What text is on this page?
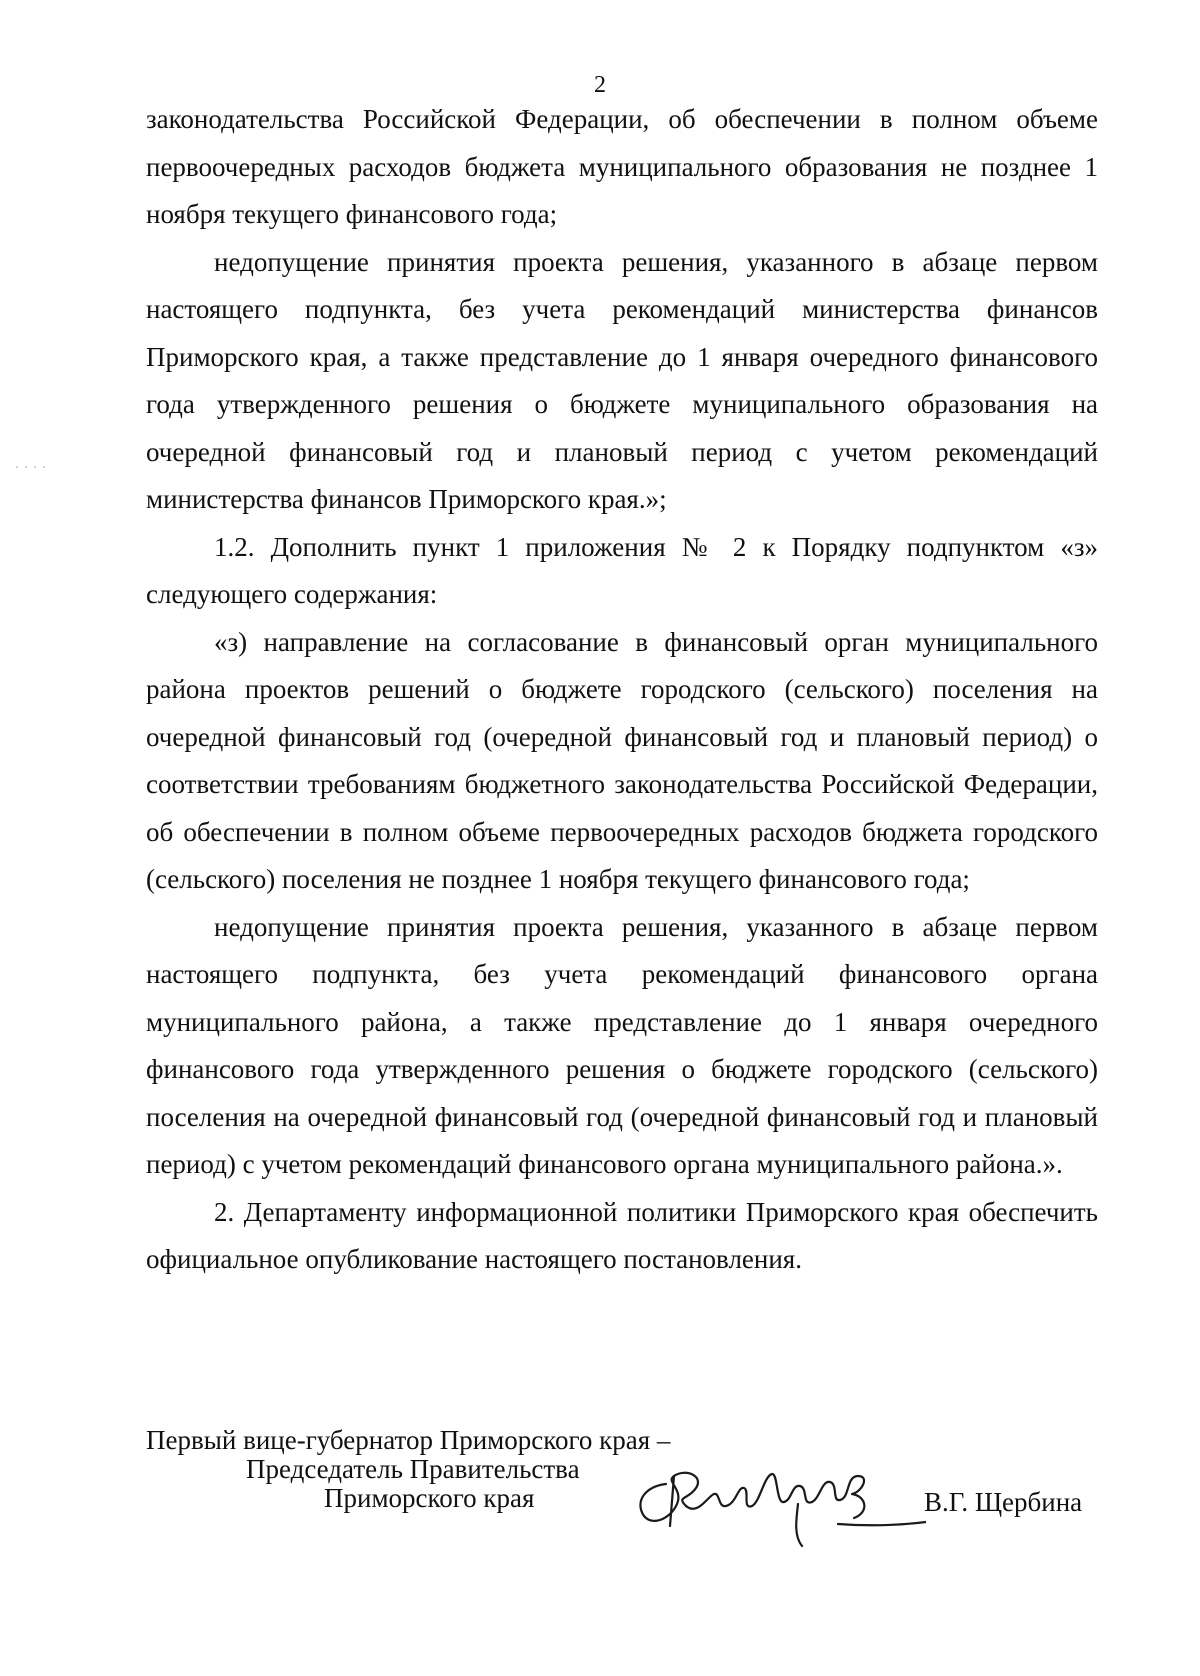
2

законодательства Российской Федерации, об обеспечении в полном объеме первоочередных расходов бюджета муниципального образования не позднее 1 ноября текущего финансового года;

недопущение принятия проекта решения, указанного в абзаце первом настоящего подпункта, без учета рекомендаций министерства финансов Приморского края, а также представление до 1 января очередного финансового года утвержденного решения о бюджете муниципального образования на очередной финансовый год и плановый период с учетом рекомендаций министерства финансов Приморского края.»;

1.2. Дополнить пункт 1 приложения № 2 к Порядку подпунктом «з» следующего содержания:

«з) направление на согласование в финансовый орган муниципального района проектов решений о бюджете городского (сельского) поселения на очередной финансовый год (очередной финансовый год и плановый период) о соответствии требованиям бюджетного законодательства Российской Федерации, об обеспечении в полном объеме первоочередных расходов бюджета городского (сельского) поселения не позднее 1 ноября текущего финансового года;

недопущение принятия проекта решения, указанного в абзаце первом настоящего подпункта, без учета рекомендаций финансового органа муниципального района, а также представление до 1 января очередного финансового года утвержденного решения о бюджете городского (сельского) поселения на очередной финансовый год (очередной финансовый год и плановый период) с учетом рекомендаций финансового органа муниципального района.».

2. Департаменту информационной политики Приморского края обеспечить официальное опубликование настоящего постановления.

Первый вице-губернатор Приморского края –
Председатель Правительства
Приморского края	В.Г. Щербина
